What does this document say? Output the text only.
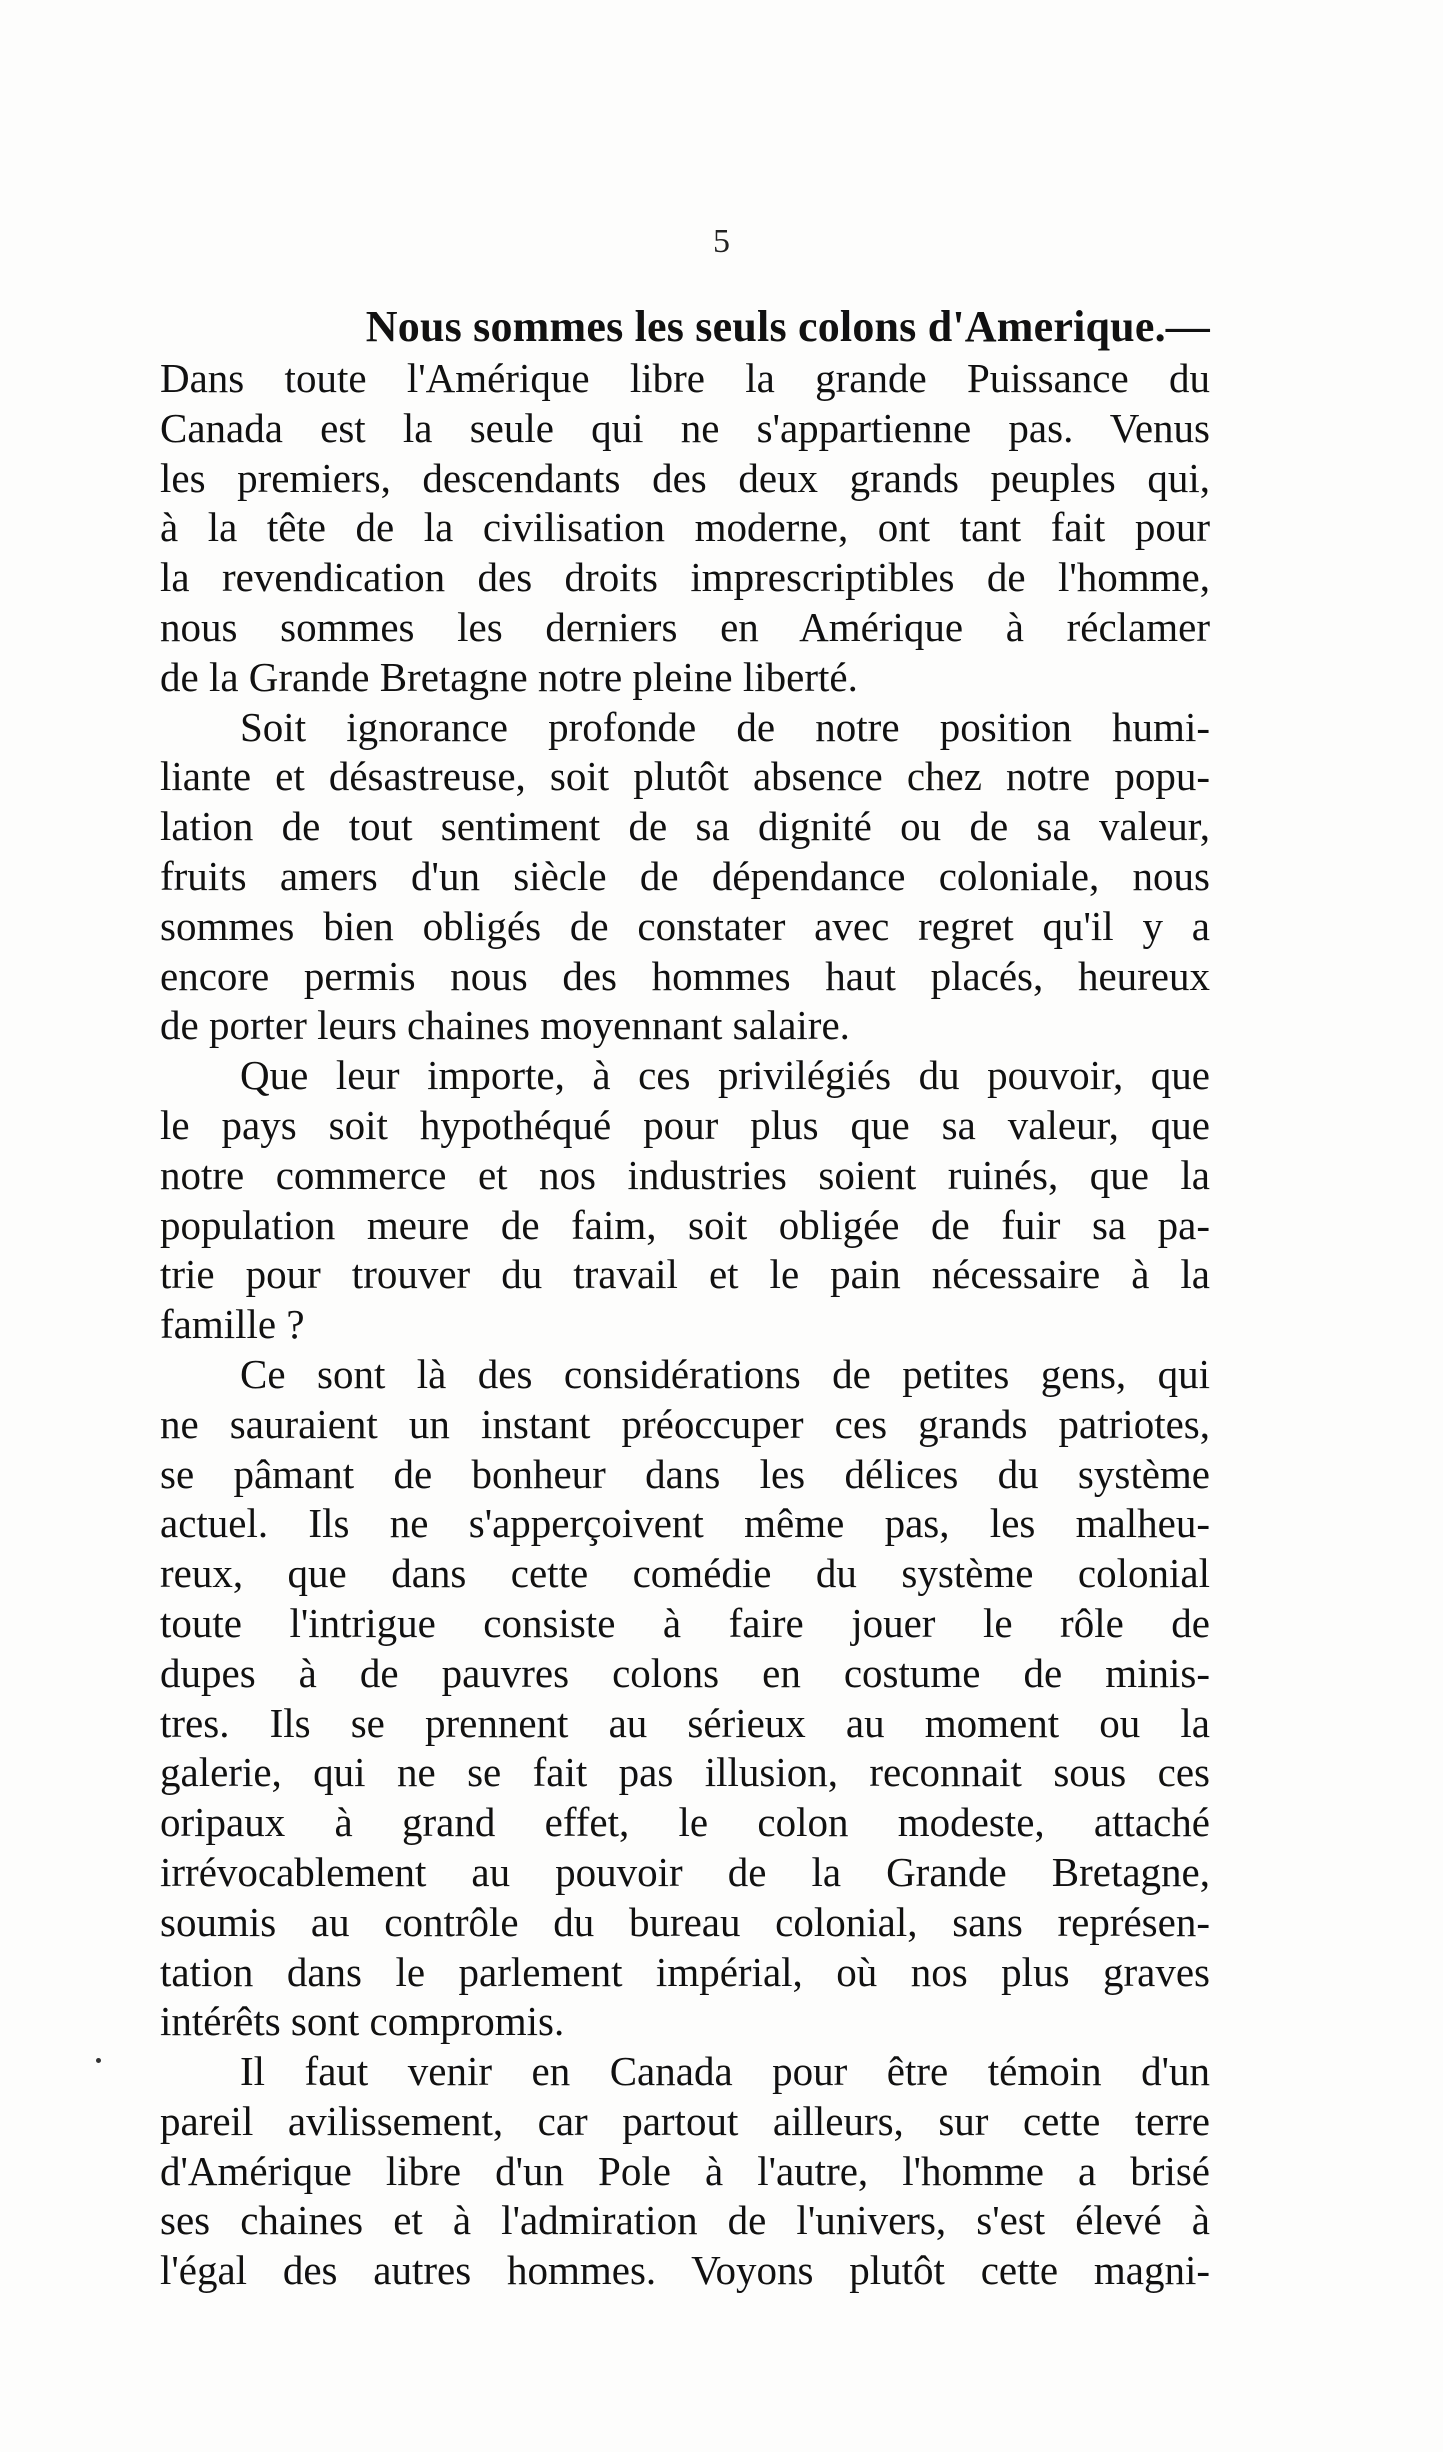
5
Nous sommes les seuls colons d'Amerique.—
Dans toute l'Amérique libre la grande Puissance du
Canada est la seule qui ne s'appartienne pas. Venus
les premiers, descendants des deux grands peuples qui,
à la tête de la civilisation moderne, ont tant fait pour
la revendication des droits imprescriptibles de l'homme,
nous sommes les derniers en Amérique à réclamer
de la Grande Bretagne notre pleine liberté.
Soit ignorance profonde de notre position humi-
liante et désastreuse, soit plutôt absence chez notre popu-
lation de tout sentiment de sa dignité ou de sa valeur,
fruits amers d'un siècle de dépendance coloniale, nous
sommes bien obligés de constater avec regret qu'il y a
encore permis nous des hommes haut placés, heureux
de porter leurs chaines moyennant salaire.
Que leur importe, à ces privilégiés du pouvoir, que
le pays soit hypothéqué pour plus que sa valeur, que
notre commerce et nos industries soient ruinés, que la
population meure de faim, soit obligée de fuir sa pa-
trie pour trouver du travail et le pain nécessaire à la
famille ?
Ce sont là des considérations de petites gens, qui
ne sauraient un instant préoccuper ces grands patriotes,
se pâmant de bonheur dans les délices du système
actuel. Ils ne s'apperçoivent même pas, les malheu-
reux, que dans cette comédie du système colonial
toute l'intrigue consiste à faire jouer le rôle de
dupes à de pauvres colons en costume de minis-
tres. Ils se prennent au sérieux au moment ou la
galerie, qui ne se fait pas illusion, reconnait sous ces
oripaux à grand effet, le colon modeste, attaché
irrévocablement au pouvoir de la Grande Bretagne,
soumis au contrôle du bureau colonial, sans représen-
tation dans le parlement impérial, où nos plus graves
intérêts sont compromis.
Il faut venir en Canada pour être témoin d'un
pareil avilissement, car partout ailleurs, sur cette terre
d'Amérique libre d'un Pole à l'autre, l'homme a brisé
ses chaines et à l'admiration de l'univers, s'est élevé à
l'égal des autres hommes. Voyons plutôt cette magni-
